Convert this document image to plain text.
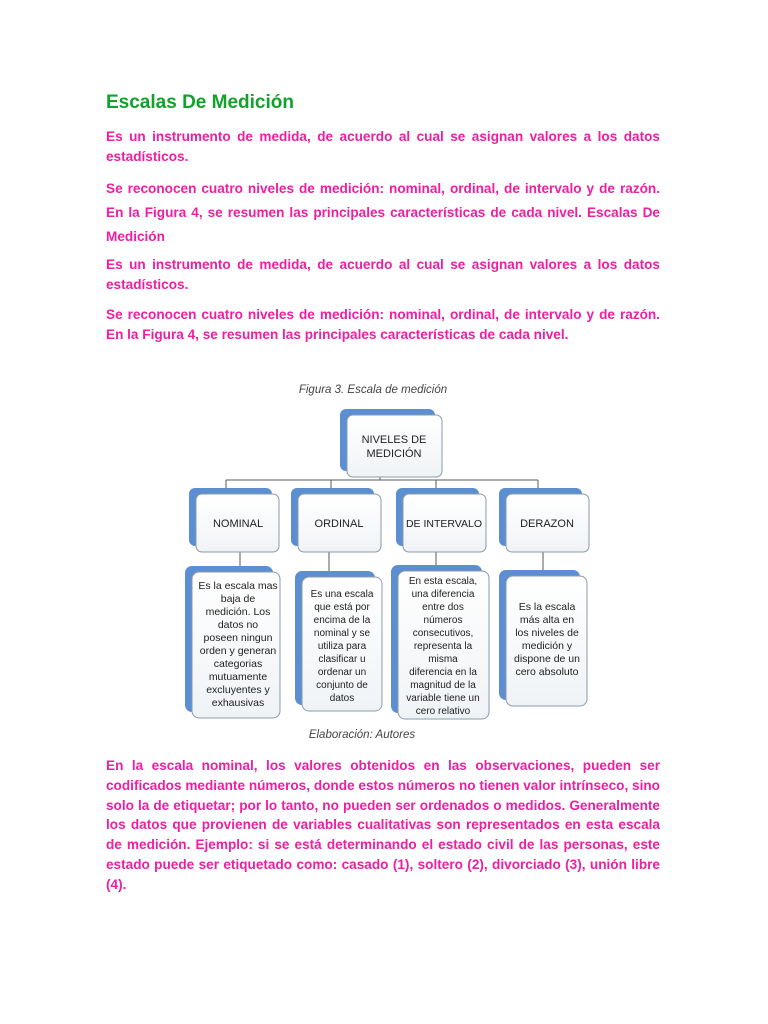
Escalas De Medición

Es un instrumento de medida, de acuerdo al cual se asignan valores a los datos estadísticos.

Se reconocen cuatro niveles de medición: nominal, ordinal, de intervalo y de razón. En la Figura 4, se resumen las principales características de cada nivel. Escalas De Medición

Es un instrumento de medida, de acuerdo al cual se asignan valores a los datos estadísticos.

Se reconocen cuatro niveles de medición: nominal, ordinal, de intervalo y de razón. En la Figura 4, se resumen las principales características de cada nivel.

Figura 3. Escala de medición

NIVELES DE
MEDICIÓN
NOMINAL	ORDINAL	DE INTERVALO	DERAZON
Es la escala mas
baja de
medición. Los
datos no
poseen ningun
orden y generan
categorias
mutuamente
excluyentes y
exhausivas
Es una escala
que está por
encima de la
nominal y se
utiliza para
clasificar u
ordenar un
conjunto de
datos
En esta escala,
una diferencia
entre dos
números
consecutivos,
representa la
misma
diferencia en la
magnitud de la
variable tiene un
cero relativo
Es la escala
más alta en
los niveles de
medición y
dispone de un
cero absoluto

Elaboración: Autores

En la escala nominal, los valores obtenidos en las observaciones, pueden ser codificados mediante números, donde estos números no tienen valor intrínseco, sino solo la de etiquetar; por lo tanto, no pueden ser ordenados o medidos. Generalmente los datos que provienen de variables cualitativas son representados en esta escala de medición. Ejemplo: si se está determinando el estado civil de las personas, este estado puede ser etiquetado como: casado (1), soltero (2), divorciado (3), unión libre (4).
